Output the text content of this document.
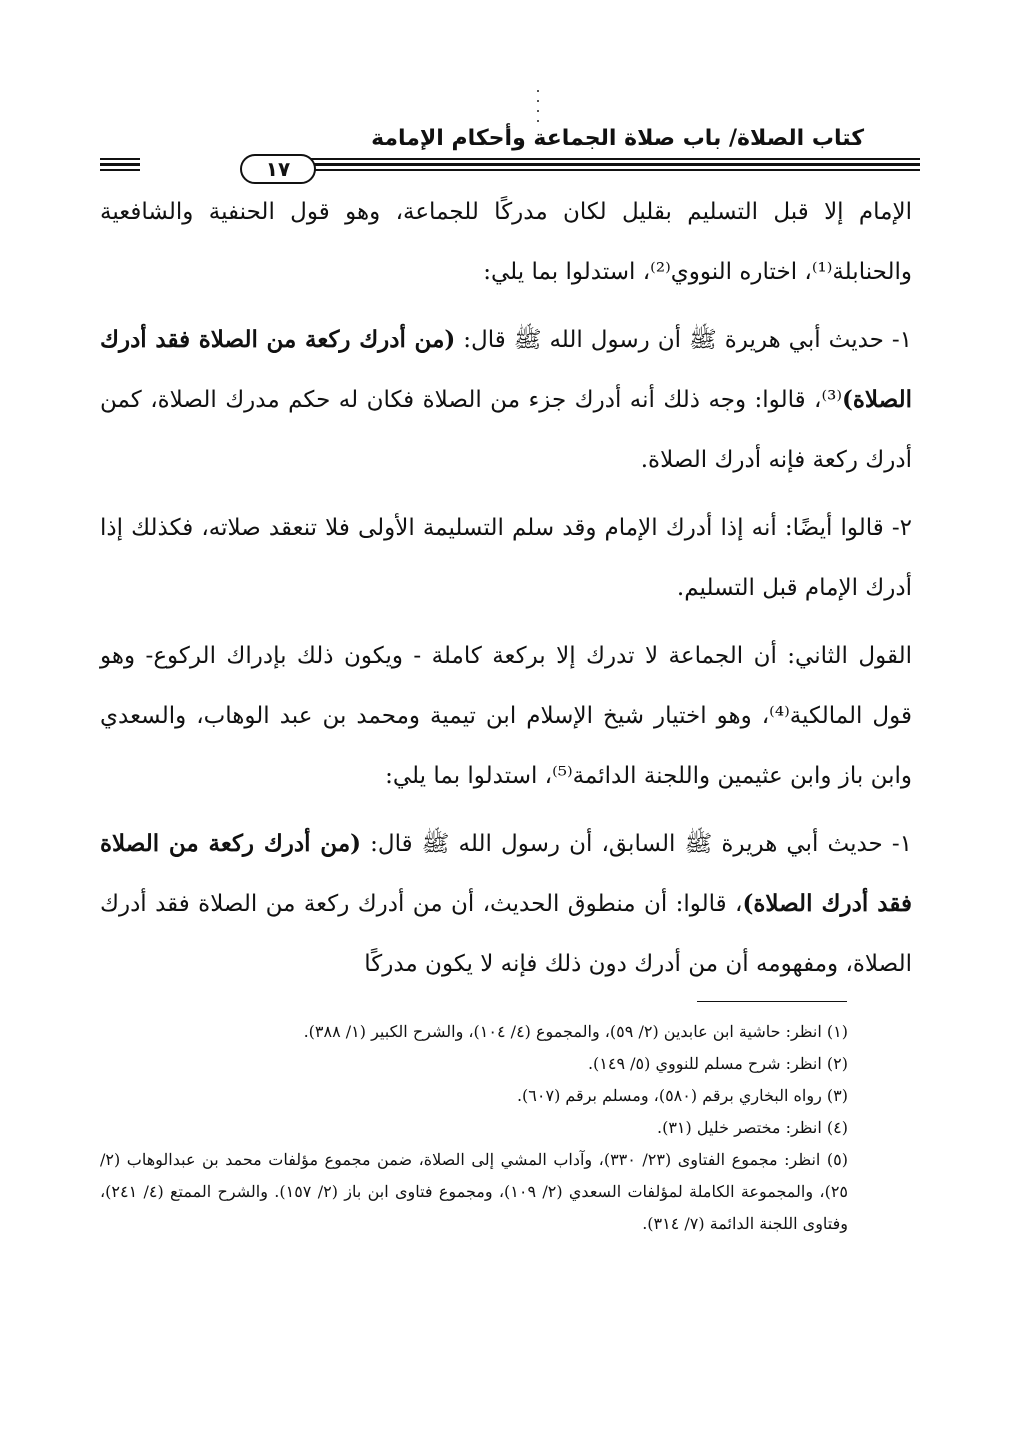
كتاب الصلاة/ باب صلاة الجماعة وأحكام الإمامة
١٧

الإمام إلا قبل التسليم بقليل لكان مدركًا للجماعة، وهو قول الحنفية والشافعية والحنابلة⁽¹⁾، اختاره النووي⁽²⁾، استدلوا بما يلي:

١- حديث أبي هريرة ﷺ أن رسول الله ﷺ قال: (من أدرك ركعة من الصلاة فقد أدرك الصلاة)⁽³⁾، قالوا: وجه ذلك أنه أدرك جزء من الصلاة فكان له حكم مدرك الصلاة، كمن أدرك ركعة فإنه أدرك الصلاة.

٢- قالوا أيضًا: أنه إذا أدرك الإمام وقد سلم التسليمة الأولى فلا تنعقد صلاته، فكذلك إذا أدرك الإمام قبل التسليم.

القول الثاني: أن الجماعة لا تدرك إلا بركعة كاملة - ويكون ذلك بإدراك الركوع- وهو قول المالكية⁽⁴⁾، وهو اختيار شيخ الإسلام ابن تيمية ومحمد بن عبد الوهاب، والسعدي وابن باز وابن عثيمين واللجنة الدائمة⁽⁵⁾، استدلوا بما يلي:

١- حديث أبي هريرة ﷺ السابق، أن رسول الله ﷺ قال: (من أدرك ركعة من الصلاة فقد أدرك الصلاة)، قالوا: أن منطوق الحديث، أن من أدرك ركعة من الصلاة فقد أدرك الصلاة، ومفهومه أن من أدرك دون ذلك فإنه لا يكون مدركًا

(١) انظر: حاشية ابن عابدين (٢/ ٥٩)، والمجموع (٤/ ١٠٤)، والشرح الكبير (١/ ٣٨٨).

(٢) انظر: شرح مسلم للنووي (٥/ ١٤٩).

(٣) رواه البخاري برقم (٥٨٠)، ومسلم برقم (٦٠٧).

(٤) انظر: مختصر خليل (٣١).

(٥) انظر: مجموع الفتاوى (٢٣/ ٣٣٠)، وآداب المشي إلى الصلاة، ضمن مجموع مؤلفات محمد بن عبدالوهاب (٢/ ٢٥)، والمجموعة الكاملة لمؤلفات السعدي (٢/ ١٠٩)، ومجموع فتاوى ابن باز (٢/ ١٥٧). والشرح الممتع (٤/ ٢٤١)، وفتاوى اللجنة الدائمة (٧/ ٣١٤).
